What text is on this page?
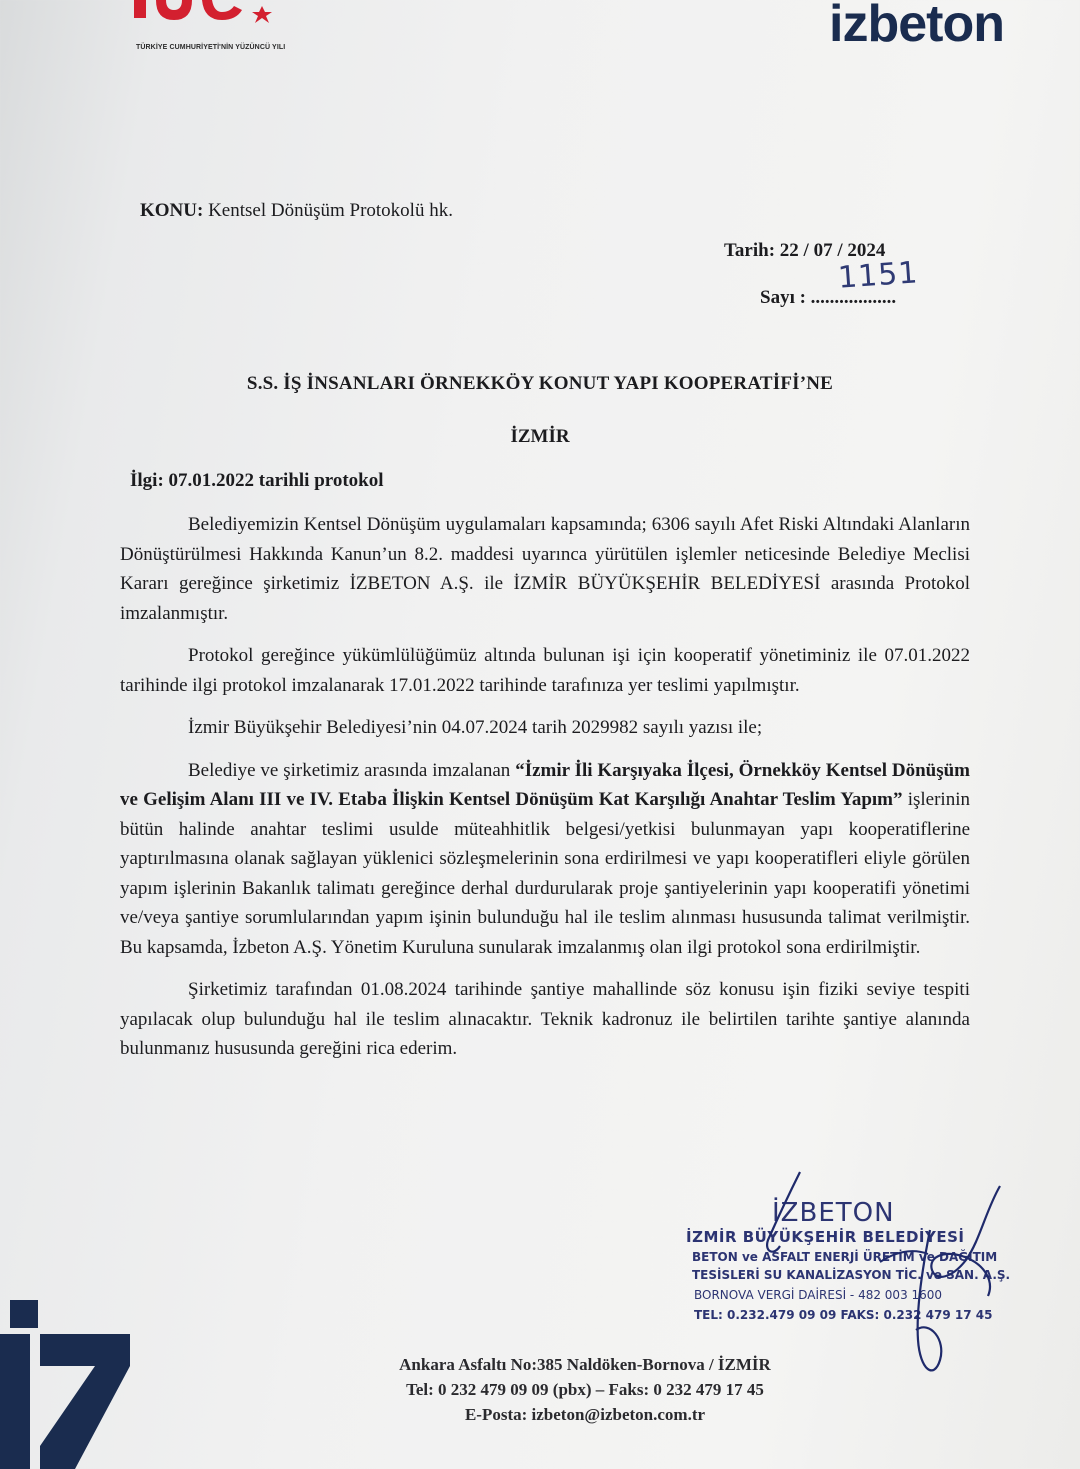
TÜRKİYE CUMHURİYETİ'NİN YÜZÜNCÜ YILI	izbeton
KONU: Kentsel Dönüşüm Protokolü hk.
Tarih: 22 / 07 / 2024
1151
Sayı : ..................
S.S. İŞ İNSANLARI ÖRNEKKÖY KONUT YAPI KOOPERATİFİ’NE
İZMİR
İlgi: 07.01.2022 tarihli protokol

Belediyemizin Kentsel Dönüşüm uygulamaları kapsamında; 6306 sayılı Afet Riski Altındaki Alanların Dönüştürülmesi Hakkında Kanun’un 8.2. maddesi uyarınca yürütülen işlemler neticesinde Belediye Meclisi Kararı gereğince şirketimiz İZBETON A.Ş. ile İZMİR BÜYÜKŞEHİR BELEDİYESİ arasında Protokol imzalanmıştır.

Protokol gereğince yükümlülüğümüz altında bulunan işi için kooperatif yönetiminiz ile 07.01.2022 tarihinde ilgi protokol imzalanarak 17.01.2022 tarihinde tarafınıza yer teslimi yapılmıştır.

İzmir Büyükşehir Belediyesi’nin 04.07.2024 tarih 2029982 sayılı yazısı ile;

Belediye ve şirketimiz arasında imzalanan “İzmir İli Karşıyaka İlçesi, Örnekköy Kentsel Dönüşüm ve Gelişim Alanı III ve IV. Etaba İlişkin Kentsel Dönüşüm Kat Karşılığı Anahtar Teslim Yapım” işlerinin bütün halinde anahtar teslimi usulde müteahhitlik belgesi/yetkisi bulunmayan yapı kooperatiflerine yaptırılmasına olanak sağlayan yüklenici sözleşmelerinin sona erdirilmesi ve yapı kooperatifleri eliyle görülen yapım işlerinin Bakanlık talimatı gereğince derhal durdurularak proje şantiyelerinin yapı kooperatifi yönetimi ve/veya şantiye sorumlularından yapım işinin bulunduğu hal ile teslim alınması hususunda talimat verilmiştir. Bu kapsamda, İzbeton A.Ş. Yönetim Kuruluna sunularak imzalanmış olan ilgi protokol sona erdirilmiştir.

Şirketimiz tarafından 01.08.2024 tarihinde şantiye mahallinde söz konusu işin fiziki seviye tespiti yapılacak olup bulunduğu hal ile teslim alınacaktır. Teknik kadronuz ile belirtilen tarihte şantiye alanında bulunmanız hususunda gereğini rica ederim.

İZBETON
İZMİR BÜYÜKŞEHİR BELEDİYESİ
BETON ve ASFALT ENERJİ ÜRETİM ve DAĞITIM
TESİSLERİ SU KANALİZASYON TİC. ve SAN. A.Ş.
BORNOVA VERGİ DAİRESİ - 482 003 1600
TEL: 0.232.479 09 09 FAKS: 0.232 479 17 45
Ankara Asfaltı No:385 Naldöken-Bornova / İZMİR
Tel: 0 232 479 09 09 (pbx) – Faks: 0 232 479 17 45
E-Posta: izbeton@izbeton.com.tr
